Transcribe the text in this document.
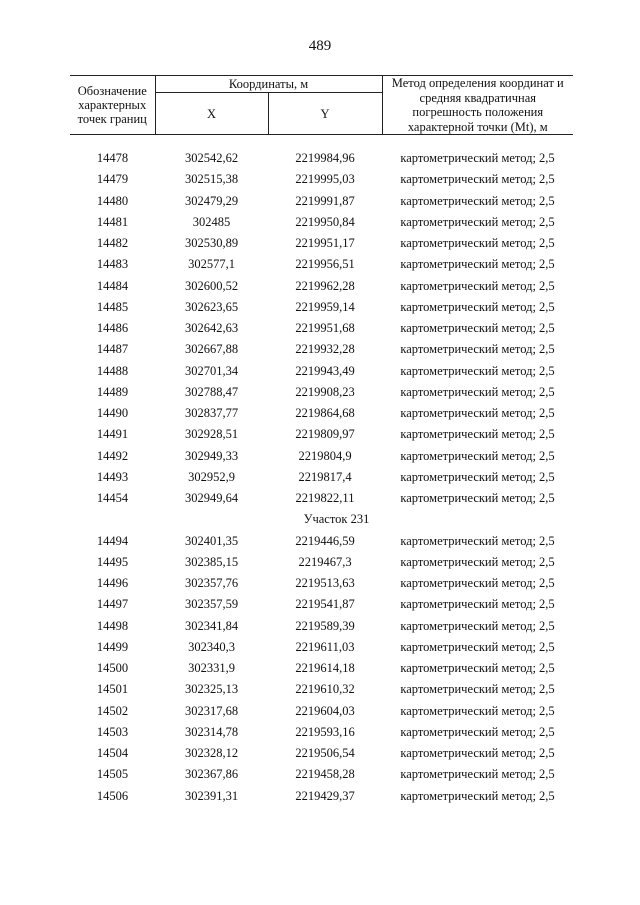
489
Обозначение характерных точек границ	Координаты, м		Метод определения координат и средняя квадратичная погрешность положения характерной точки (Мt), м
	X	Y	
14478	302542,62	2219984,96	картометрический метод; 2,5
14479	302515,38	2219995,03	картометрический метод; 2,5
14480	302479,29	2219991,87	картометрический метод; 2,5
14481	302485	2219950,84	картометрический метод; 2,5
14482	302530,89	2219951,17	картометрический метод; 2,5
14483	302577,1	2219956,51	картометрический метод; 2,5
14484	302600,52	2219962,28	картометрический метод; 2,5
14485	302623,65	2219959,14	картометрический метод; 2,5
14486	302642,63	2219951,68	картометрический метод; 2,5
14487	302667,88	2219932,28	картометрический метод; 2,5
14488	302701,34	2219943,49	картометрический метод; 2,5
14489	302788,47	2219908,23	картометрический метод; 2,5
14490	302837,77	2219864,68	картометрический метод; 2,5
14491	302928,51	2219809,97	картометрический метод; 2,5
14492	302949,33	2219804,9	картометрический метод; 2,5
14493	302952,9	2219817,4	картометрический метод; 2,5
14454	302949,64	2219822,11	картометрический метод; 2,5
Участок 231
14494	302401,35	2219446,59	картометрический метод; 2,5
14495	302385,15	2219467,3	картометрический метод; 2,5
14496	302357,76	2219513,63	картометрический метод; 2,5
14497	302357,59	2219541,87	картометрический метод; 2,5
14498	302341,84	2219589,39	картометрический метод; 2,5
14499	302340,3	2219611,03	картометрический метод; 2,5
14500	302331,9	2219614,18	картометрический метод; 2,5
14501	302325,13	2219610,32	картометрический метод; 2,5
14502	302317,68	2219604,03	картометрический метод; 2,5
14503	302314,78	2219593,16	картометрический метод; 2,5
14504	302328,12	2219506,54	картометрический метод; 2,5
14505	302367,86	2219458,28	картометрический метод; 2,5
14506	302391,31	2219429,37	картометрический метод; 2,5
